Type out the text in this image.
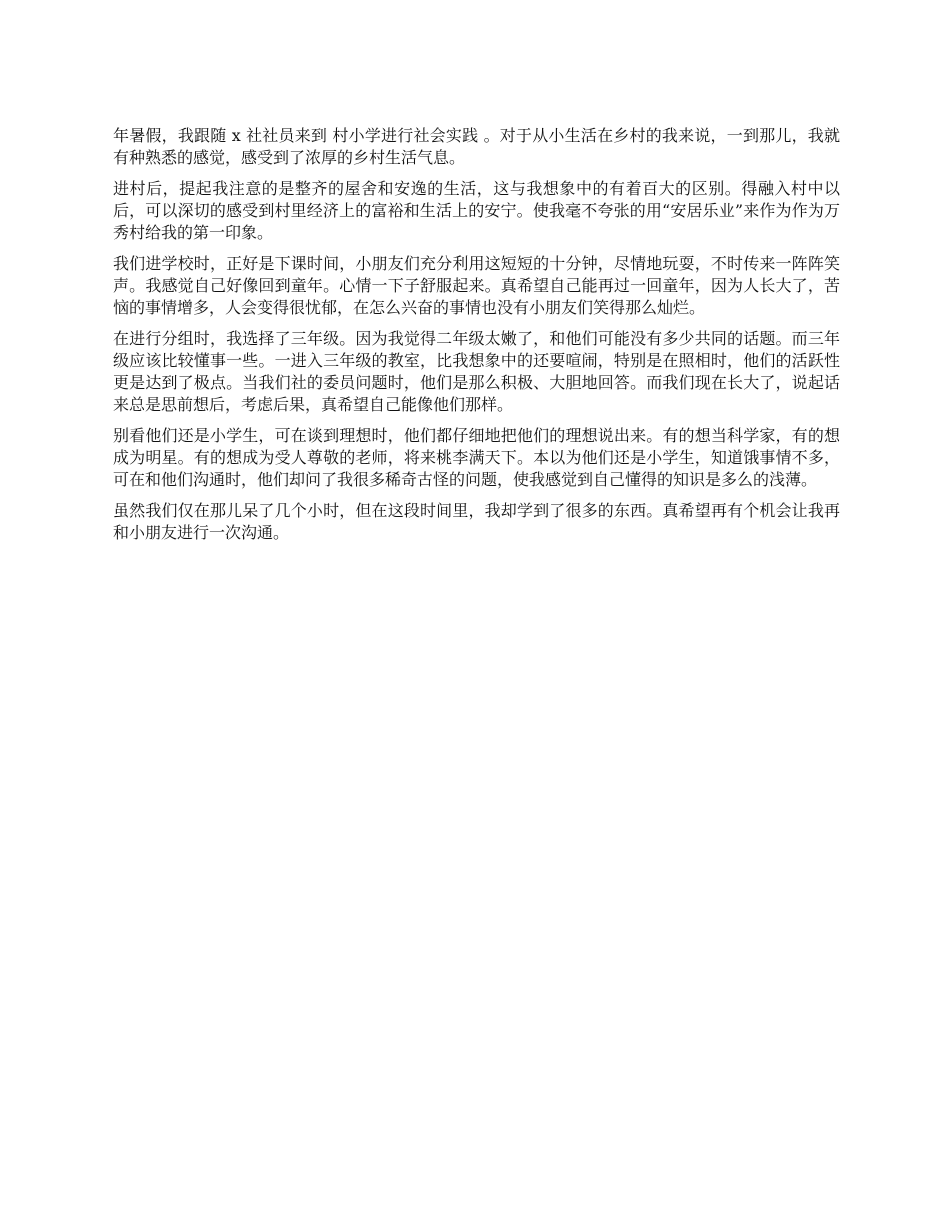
年暑假，我跟随 x 社社员来到 村小学进行社会实践 。对于从小生活在乡村的我来说，一到那儿，我就有种熟悉的感觉，感受到了浓厚的乡村生活气息。

进村后，提起我注意的是整齐的屋舍和安逸的生活，这与我想象中的有着百大的区别。得融入村中以后，可以深切的感受到村里经济上的富裕和生活上的安宁。使我毫不夸张的用“安居乐业”来作为作为万秀村给我的第一印象。

我们进学校时，正好是下课时间，小朋友们充分利用这短短的十分钟，尽情地玩耍，不时传来一阵阵笑声。我感觉自己好像回到童年。心情一下子舒服起来。真希望自己能再过一回童年，因为人长大了，苦恼的事情增多，人会变得很忧郁，在怎么兴奋的事情也没有小朋友们笑得那么灿烂。

在进行分组时，我选择了三年级。因为我觉得二年级太嫩了，和他们可能没有多少共同的话题。而三年级应该比较懂事一些。一进入三年级的教室，比我想象中的还要喧闹，特别是在照相时，他们的活跃性更是达到了极点。当我们社的委员问题时，他们是那么积极、大胆地回答。而我们现在长大了，说起话来总是思前想后，考虑后果，真希望自己能像他们那样。

别看他们还是小学生，可在谈到理想时，他们都仔细地把他们的理想说出来。有的想当科学家，有的想成为明星。有的想成为受人尊敬的老师，将来桃李满天下。本以为他们还是小学生，知道饿事情不多，可在和他们沟通时，他们却问了我很多稀奇古怪的问题，使我感觉到自己懂得的知识是多么的浅薄。

虽然我们仅在那儿呆了几个小时，但在这段时间里，我却学到了很多的东西。真希望再有个机会让我再和小朋友进行一次沟通。
